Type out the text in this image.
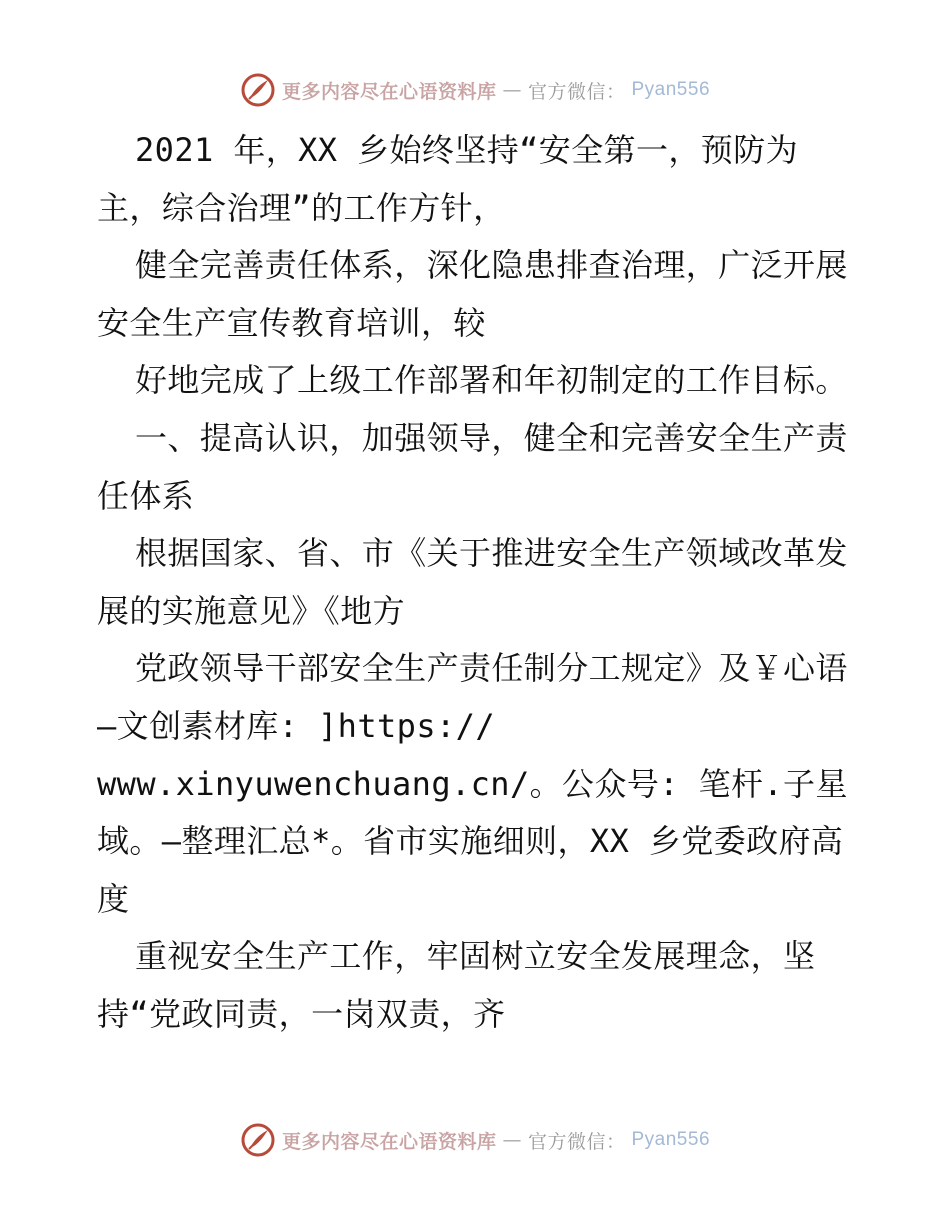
更多内容尽在心语资料库 — 官方微信： Pyan556

2021 年，XX 乡始终坚持“安全第一，预防为主，综合治理”的工作方针，

健全完善责任体系，深化隐患排查治理，广泛开展安全生产宣传教育培训，较

好地完成了上级工作部署和年初制定的工作目标。

一、提高认识，加强领导，健全和完善安全生产责任体系

根据国家、省、市《关于推进安全生产领域改革发展的实施意见》《地方

党政领导干部安全生产责任制分工规定》及￥心语—文创素材库: ]https://

www.xinyuwenchuang.cn/。公众号: 笔杆.子星

域。—整理汇总*。省市实施细则，XX 乡党委政府高度

重视安全生产工作，牢固树立安全发展理念，坚持“党政同责，一岗双责，齐

更多内容尽在心语资料库 — 官方微信： Pyan556
